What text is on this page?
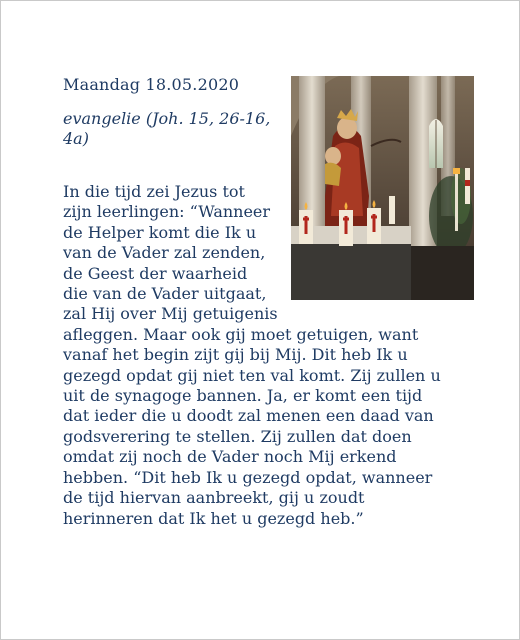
Maandag 18.05.2020

evangelie (Joh. 15, 26-16, 4a)

In die tijd zei Jezus tot
zijn leerlingen: “Wanneer
de Helper komt die Ik u
van de Vader zal zenden,
de Geest der waarheid
die van de Vader uitgaat,
zal Hij over Mij getuigenis
afleggen. Maar ook gij moet getuigen, want
vanaf het begin zijt gij bij Mij. Dit heb Ik u
gezegd opdat gij niet ten val komt. Zij zullen u
uit de synagoge bannen. Ja, er komt een tijd
dat ieder die u doodt zal menen een daad van
godsverering te stellen. Zij zullen dat doen
omdat zij noch de Vader noch Mij erkend
hebben. “Dit heb Ik u gezegd opdat, wanneer
de tijd hiervan aanbreekt, gij u zoudt
herinneren dat Ik het u gezegd heb.”
